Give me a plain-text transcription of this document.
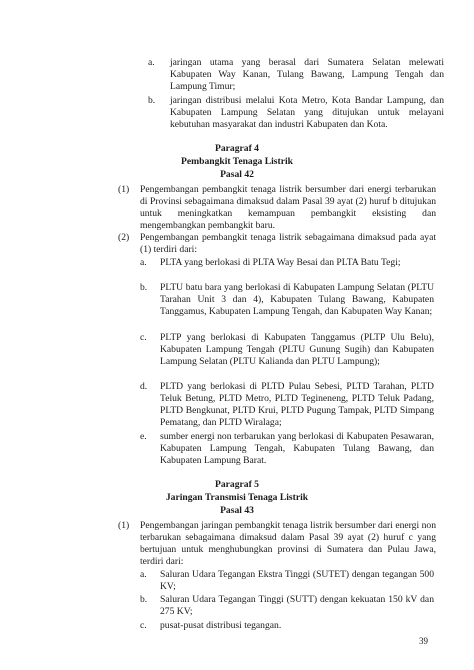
a. jaringan utama yang berasal dari Sumatera Selatan melewati Kabupaten Way Kanan, Tulang Bawang, Lampung Tengah dan Lampung Timur;
b. jaringan distribusi melalui Kota Metro, Kota Bandar Lampung, dan Kabupaten Lampung Selatan yang ditujukan untuk melayani kebutuhan masyarakat dan industri Kabupaten dan Kota.
Paragraf 4
Pembangkit Tenaga Listrik
Pasal 42
(1) Pengembangan pembangkit tenaga listrik bersumber dari energi terbarukan di Provinsi sebagaimana dimaksud dalam Pasal 39 ayat (2) huruf b ditujukan untuk meningkatkan kemampuan pembangkit eksisting dan mengembangkan pembangkit baru.
(2) Pengembangan pembangkit tenaga listrik sebagaimana dimaksud pada ayat (1) terdiri dari:
a. PLTA yang berlokasi di PLTA Way Besai dan PLTA Batu Tegi;
b. PLTU batu bara yang berlokasi di Kabupaten Lampung Selatan (PLTU Tarahan Unit 3 dan 4), Kabupaten Tulang Bawang, Kabupaten Tanggamus, Kabupaten Lampung Tengah, dan Kabupaten Way Kanan;
c. PLTP yang berlokasi di Kabupaten Tanggamus (PLTP Ulu Belu), Kabupaten Lampung Tengah (PLTU Gunung Sugih) dan Kabupaten Lampung Selatan (PLTU Kalianda dan PLTU Lampung);
d. PLTD yang berlokasi di PLTD Pulau Sebesi, PLTD Tarahan, PLTD Teluk Betung, PLTD Metro, PLTD Tegineneng, PLTD Teluk Padang, PLTD Bengkunat, PLTD Krui, PLTD Pugung Tampak, PLTD Simpang Pematang, dan PLTD Wiralaga;
e. sumber energi non terbarukan yang berlokasi di Kabupaten Pesawaran, Kabupaten Lampung Tengah, Kabupaten Tulang Bawang, dan Kabupaten Lampung Barat.
Paragraf 5
Jaringan Transmisi Tenaga Listrik
Pasal 43
(1) Pengembangan jaringan pembangkit tenaga listrik bersumber dari energi non terbarukan sebagaimana dimaksud dalam Pasal 39 ayat (2) huruf c yang bertujuan untuk menghubungkan provinsi di Sumatera dan Pulau Jawa, terdiri dari:
a. Saluran Udara Tegangan Ekstra Tinggi (SUTET) dengan tegangan 500 KV;
b. Saluran Udara Tegangan Tinggi (SUTT) dengan kekuatan 150 kV dan 275 KV;
c. pusat-pusat distribusi tegangan.
39
